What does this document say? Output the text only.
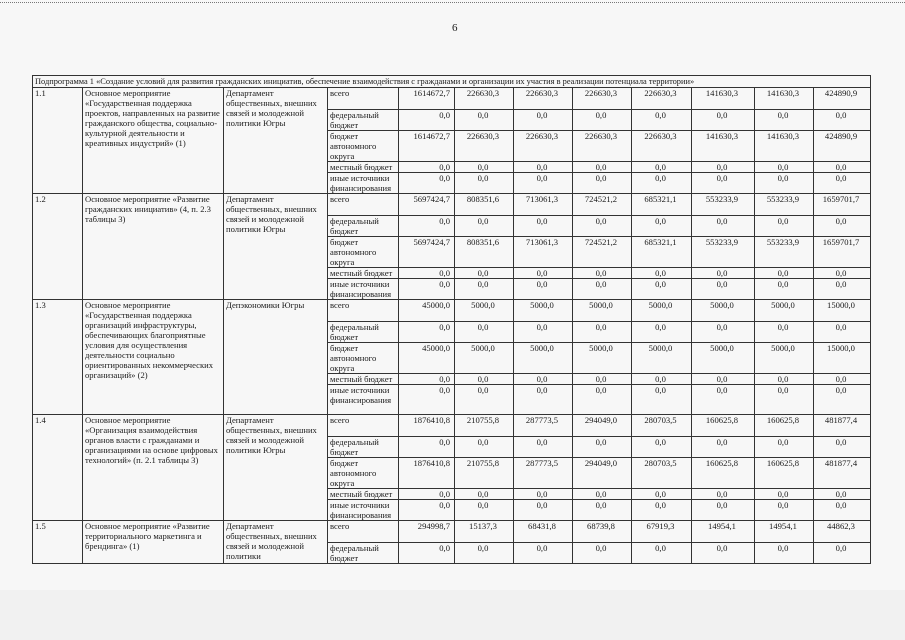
6
Подпрограмма 1 «Создание условий для развития гражданских инициатив, обеспечение взаимодействия с гражданами и организации их участия в реализации потенциала территории»											
1.1	Основное мероприятие «Государственная поддержка проектов, направленных на развитие гражданского общества, социально-культурной деятельности и креативных индустрий» (1)	Департамент общественных, внешних связей и молодежной политики Югры	всего	1614672,7	226630,3	226630,3	226630,3	226630,3	141630,3	141630,3	424890,9
			федеральный бюджет	0,0	0,0	0,0	0,0	0,0	0,0	0,0	0,0
			бюджет автономного округа	1614672,7	226630,3	226630,3	226630,3	226630,3	141630,3	141630,3	424890,9
			местный бюджет	0,0	0,0	0,0	0,0	0,0	0,0	0,0	0,0
			иные источники финансирования	0,0	0,0	0,0	0,0	0,0	0,0	0,0	0,0
1.2	Основное мероприятие «Развитие гражданских инициатив» (4, п. 2.3 таблицы 3)	Департамент общественных, внешних связей и молодежной политики Югры	всего	5697424,7	808351,6	713061,3	724521,2	685321,1	553233,9	553233,9	1659701,7
			федеральный бюджет	0,0	0,0	0,0	0,0	0,0	0,0	0,0	0,0
			бюджет автономного округа	5697424,7	808351,6	713061,3	724521,2	685321,1	553233,9	553233,9	1659701,7
			местный бюджет	0,0	0,0	0,0	0,0	0,0	0,0	0,0	0,0
			иные источники финансирования	0,0	0,0	0,0	0,0	0,0	0,0	0,0	0,0
1.3	Основное мероприятие «Государственная поддержка организаций инфраструктуры, обеспечивающих благоприятные условия для осуществления деятельности социально ориентированных некоммерческих организаций» (2)	Депэкономики Югры	всего	45000,0	5000,0	5000,0	5000,0	5000,0	5000,0	5000,0	15000,0
			федеральный бюджет	0,0	0,0	0,0	0,0	0,0	0,0	0,0	0,0
			бюджет автономного округа	45000,0	5000,0	5000,0	5000,0	5000,0	5000,0	5000,0	15000,0
			местный бюджет	0,0	0,0	0,0	0,0	0,0	0,0	0,0	0,0
			иные источники финансирования	0,0	0,0	0,0	0,0	0,0	0,0	0,0	0,0
1.4	Основное мероприятие «Организация взаимодействия органов власти с гражданами и организациями на основе цифровых технологий» (п. 2.1 таблицы 3)	Департамент общественных, внешних связей и молодежной политики Югры	всего	1876410,8	210755,8	287773,5	294049,0	280703,5	160625,8	160625,8	481877,4
			федеральный бюджет	0,0	0,0	0,0	0,0	0,0	0,0	0,0	0,0
			бюджет автономного округа	1876410,8	210755,8	287773,5	294049,0	280703,5	160625,8	160625,8	481877,4
			местный бюджет	0,0	0,0	0,0	0,0	0,0	0,0	0,0	0,0
			иные источники финансирования	0,0	0,0	0,0	0,0	0,0	0,0	0,0	0,0
1.5	Основное мероприятие «Развитие территориального маркетинга и брендинга» (1)	Департамент общественных, внешних связей и молодежной политики	всего	294998,7	15137,3	68431,8	68739,8	67919,3	14954,1	14954,1	44862,3
			федеральный бюджет	0,0	0,0	0,0	0,0	0,0	0,0	0,0	0,0
